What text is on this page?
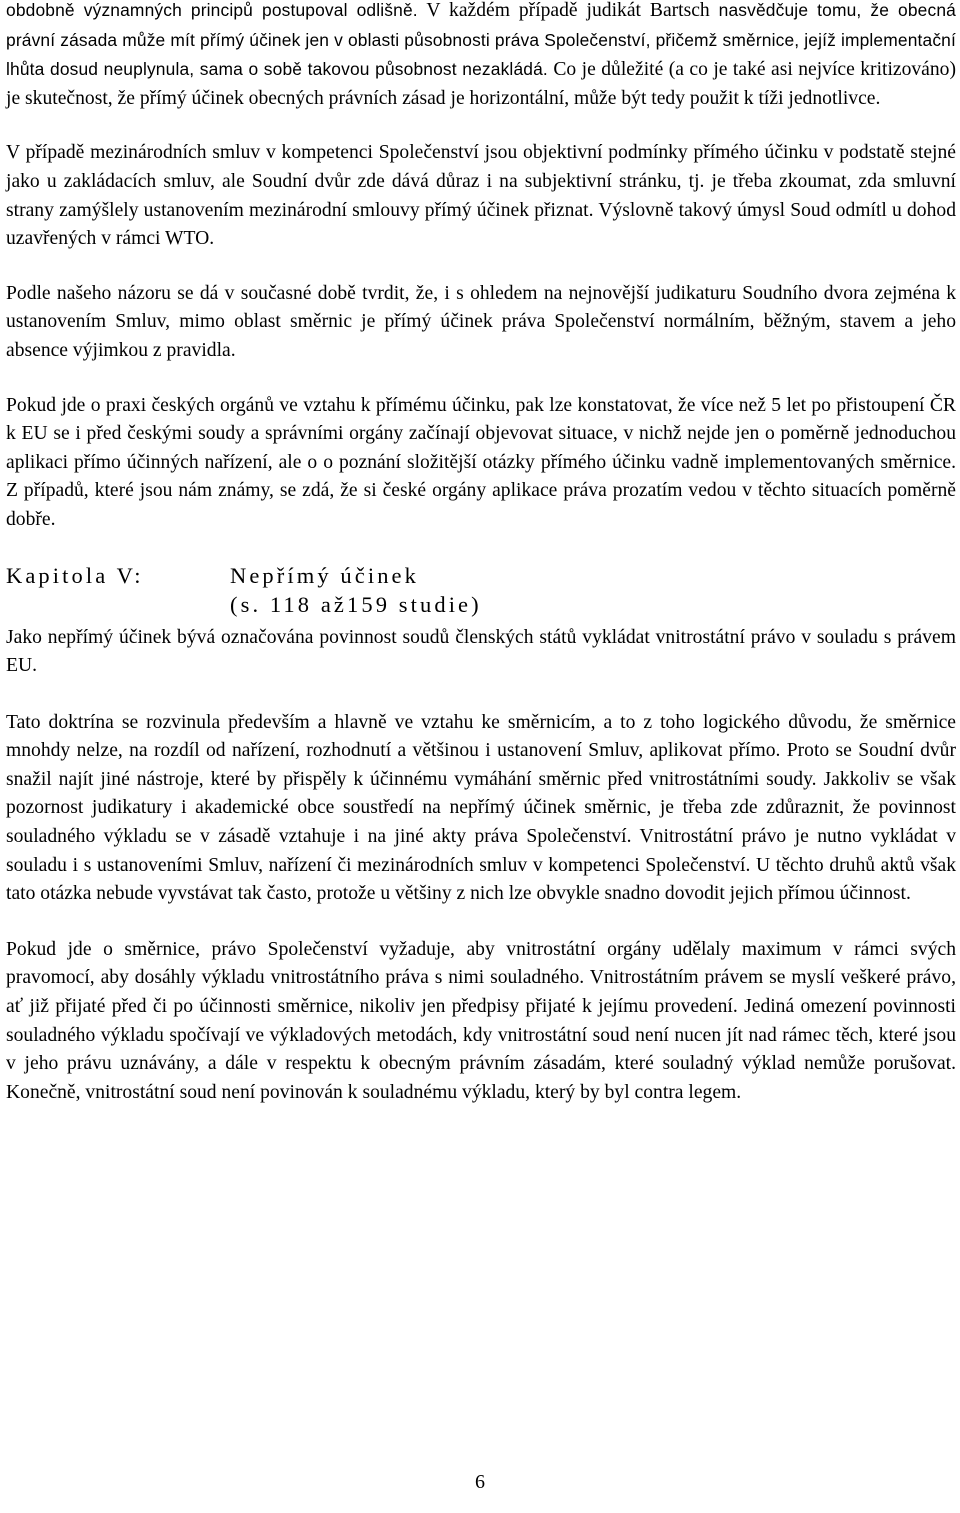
obdobně významných principů postupoval odlišně. V každém případě judikát Bartsch nasvědčuje tomu, že obecná právní zásada může mít přímý účinek jen v oblasti působnosti práva Společenství, přičemž směrnice, jejíž implementační lhůta dosud neuplynula, sama o sobě takovou působnost nezakládá. Co je důležité (a co je také asi nejvíce kritizováno) je skutečnost, že přímý účinek obecných právních zásad je horizontální, může být tedy použit k tíži jednotlivce.

V případě mezinárodních smluv v kompetenci Společenství jsou objektivní podmínky přímého účinku v podstatě stejné jako u zakládacích smluv, ale Soudní dvůr zde dává důraz i na subjektivní stránku, tj. je třeba zkoumat, zda smluvní strany zamýšlely ustanovením mezinárodní smlouvy přímý účinek přiznat. Výslovně takový úmysl Soud odmítl u dohod uzavřených v rámci WTO.

Podle našeho názoru se dá v současné době tvrdit, že, i s ohledem na nejnovější judikaturu Soudního dvora zejména k ustanovením Smluv, mimo oblast směrnic je přímý účinek práva Společenství normálním, běžným, stavem a jeho absence výjimkou z pravidla.

Pokud jde o praxi českých orgánů ve vztahu k přímému účinku, pak lze konstatovat, že více než 5 let po přistoupení ČR k EU se i před českými soudy a správními orgány začínají objevovat situace, v nichž nejde jen o poměrně jednoduchou aplikaci přímo účinných nařízení, ale o o poznání složitější otázky přímého účinku vadně implementovaných směrnice. Z případů, které jsou nám známy, se zdá, že si české orgány aplikace práva prozatím vedou v těchto situacích poměrně dobře.

Kapitola V:	Nepřímý účinek
(s. 118 až159 studie)

Jako nepřímý účinek bývá označována povinnost soudů členských států vykládat vnitrostátní právo v souladu s právem EU.

Tato doktrína se rozvinula především a hlavně ve vztahu ke směrnicím, a to z toho logického důvodu, že směrnice mnohdy nelze, na rozdíl od nařízení, rozhodnutí a většinou i ustanovení Smluv, aplikovat přímo. Proto se Soudní dvůr snažil najít jiné nástroje, které by přispěly k účinnému vymáhání směrnic před vnitrostátními soudy. Jakkoliv se však pozornost judikatury i akademické obce soustředí na nepřímý účinek směrnic, je třeba zde zdůraznit, že povinnost souladného výkladu se v zásadě vztahuje i na jiné akty práva Společenství. Vnitrostátní právo je nutno vykládat v souladu i s ustanoveními Smluv, nařízení či mezinárodních smluv v kompetenci Společenství. U těchto druhů aktů však tato otázka nebude vyvstávat tak často, protože u většiny z nich lze obvykle snadno dovodit jejich přímou účinnost.

Pokud jde o směrnice, právo Společenství vyžaduje, aby vnitrostátní orgány udělaly maximum v rámci svých pravomocí, aby dosáhly výkladu vnitrostátního práva s nimi souladného. Vnitrostátním právem se myslí veškeré právo, ať již přijaté před či po účinnosti směrnice, nikoliv jen předpisy přijaté k jejímu provedení. Jediná omezení povinnosti souladného výkladu spočívají ve výkladových metodách, kdy vnitrostátní soud není nucen jít nad rámec těch, které jsou v jeho právu uznávány, a dále v respektu k obecným právním zásadám, které souladný výklad nemůže porušovat. Konečně, vnitrostátní soud není povinován k souladnému výkladu, který by byl contra legem.

6
